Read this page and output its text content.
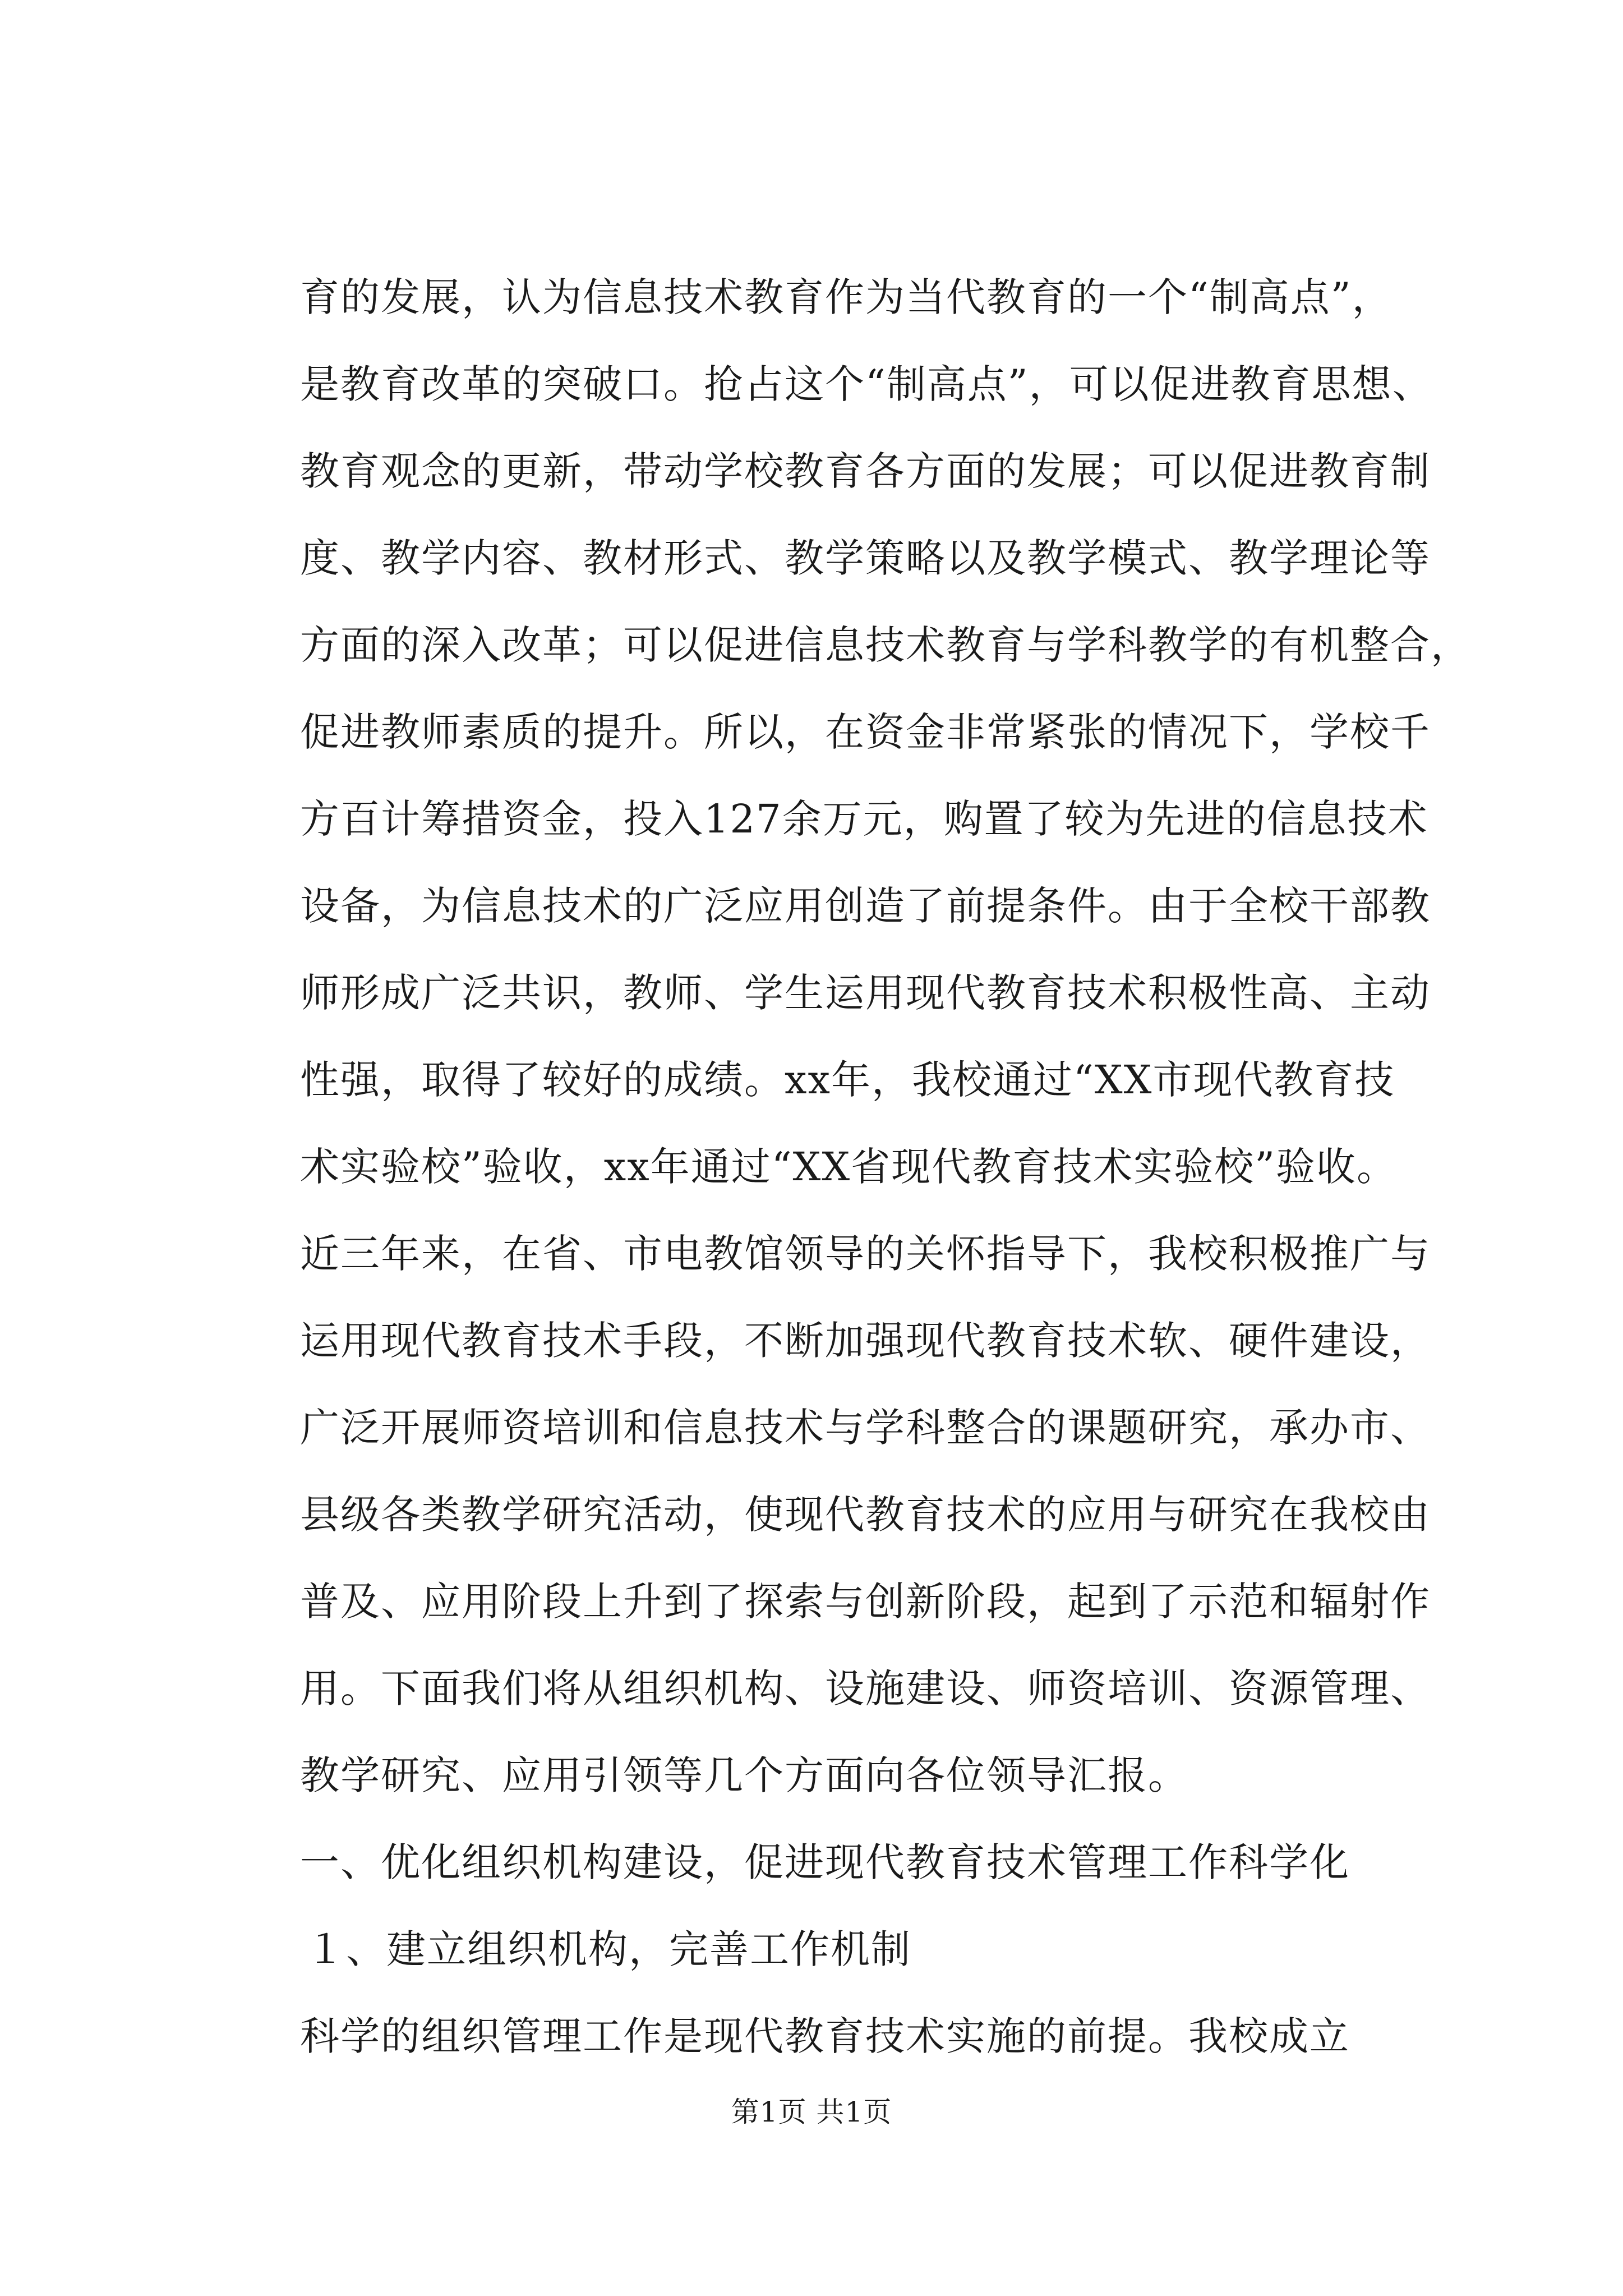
育的发展，认为信息技术教育作为当代教育的一个“制高点”，
是教育改革的突破口。抢占这个“制高点”，可以促进教育思想、
教育观念的更新，带动学校教育各方面的发展；可以促进教育制
度、教学内容、教材形式、教学策略以及教学模式、教学理论等
方面的深入改革；可以促进信息技术教育与学科教学的有机整合，
促进教师素质的提升。所以，在资金非常紧张的情况下，学校千
方百计筹措资金，投入127余万元，购置了较为先进的信息技术
设备，为信息技术的广泛应用创造了前提条件。由于全校干部教
师形成广泛共识，教师、学生运用现代教育技术积极性高、主动
性强，取得了较好的成绩。xx年，我校通过“XX市现代教育技
术实验校”验收，xx年通过“XX省现代教育技术实验校”验收。
近三年来，在省、市电教馆领导的关怀指导下，我校积极推广与
运用现代教育技术手段，不断加强现代教育技术软、硬件建设，
广泛开展师资培训和信息技术与学科整合的课题研究，承办市、
县级各类教学研究活动，使现代教育技术的应用与研究在我校由
普及、应用阶段上升到了探索与创新阶段，起到了示范和辐射作
用。下面我们将从组织机构、设施建设、师资培训、资源管理、
教学研究、应用引领等几个方面向各位领导汇报。
一、优化组织机构建设，促进现代教育技术管理工作科学化
１、建立组织机构，完善工作机制
科学的组织管理工作是现代教育技术实施的前提。我校成立
第1页 共1页
